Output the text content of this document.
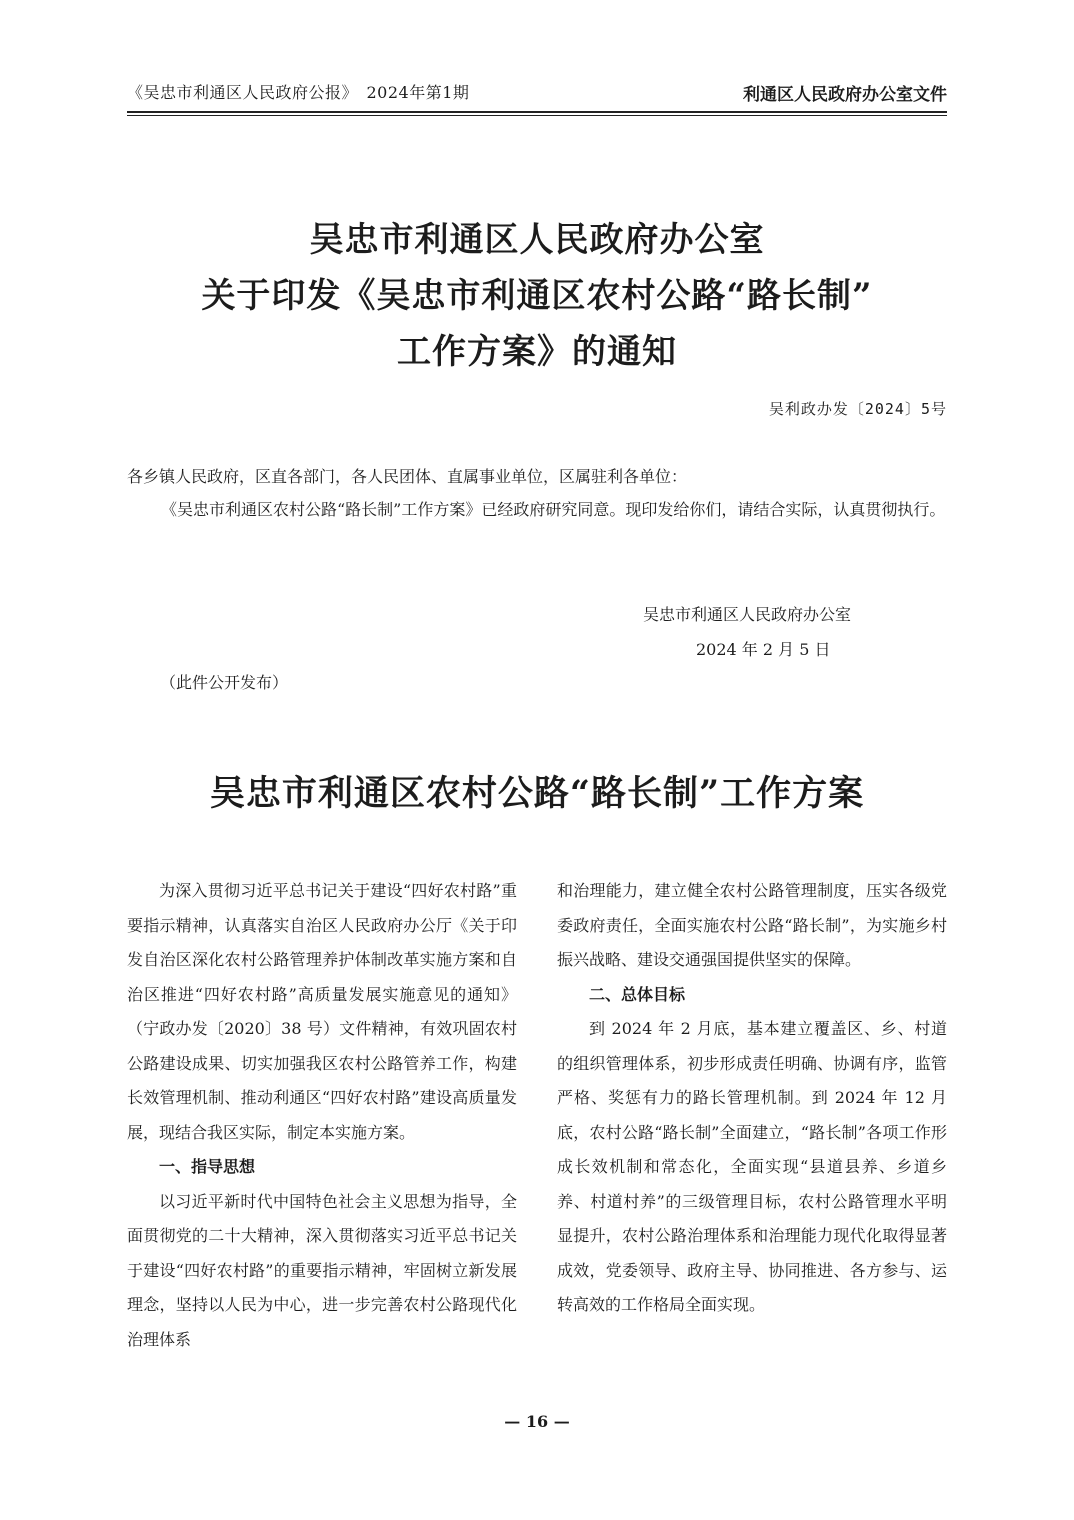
《吴忠市利通区人民政府公报》　2024年第1期	利通区人民政府办公室文件
吴忠市利通区人民政府办公室
关于印发《吴忠市利通区农村公路“路长制”
工作方案》的通知
吴利政办发〔2024〕5号
各乡镇人民政府，区直各部门，各人民团体、直属事业单位，区属驻利各单位：
《吴忠市利通区农村公路“路长制”工作方案》已经政府研究同意。现印发给你们，请结合实际，认真贯彻执行。
吴忠市利通区人民政府办公室
2024 年 2 月 5 日
（此件公开发布）
吴忠市利通区农村公路“路长制”工作方案

为深入贯彻习近平总书记关于建设“四好农村路”重要指示精神，认真落实自治区人民政府办公厅《关于印发自治区深化农村公路管理养护体制改革实施方案和自治区推进“四好农村路”高质量发展实施意见的通知》（宁政办发〔2020〕38 号）文件精神，有效巩固农村公路建设成果、切实加强我区农村公路管养工作，构建长效管理机制、推动利通区“四好农村路”建设高质量发展，现结合我区实际，制定本实施方案。

一、指导思想

以习近平新时代中国特色社会主义思想为指导，全面贯彻党的二十大精神，深入贯彻落实习近平总书记关于建设“四好农村路”的重要指示精神，牢固树立新发展理念，坚持以人民为中心，进一步完善农村公路现代化治理体系

和治理能力，建立健全农村公路管理制度，压实各级党委政府责任，全面实施农村公路“路长制”，为实施乡村振兴战略、建设交通强国提供坚实的保障。

二、总体目标

到 2024 年 2 月底，基本建立覆盖区、乡、村道的组织管理体系，初步形成责任明确、协调有序，监管严格、奖惩有力的路长管理机制。到 2024 年 12 月底，农村公路“路长制”全面建立，“路长制”各项工作形成长效机制和常态化，全面实现“县道县养、乡道乡养、村道村养”的三级管理目标，农村公路管理水平明显提升，农村公路治理体系和治理能力现代化取得显著成效，党委领导、政府主导、协同推进、各方参与、运转高效的工作格局全面实现。

— 16 —
